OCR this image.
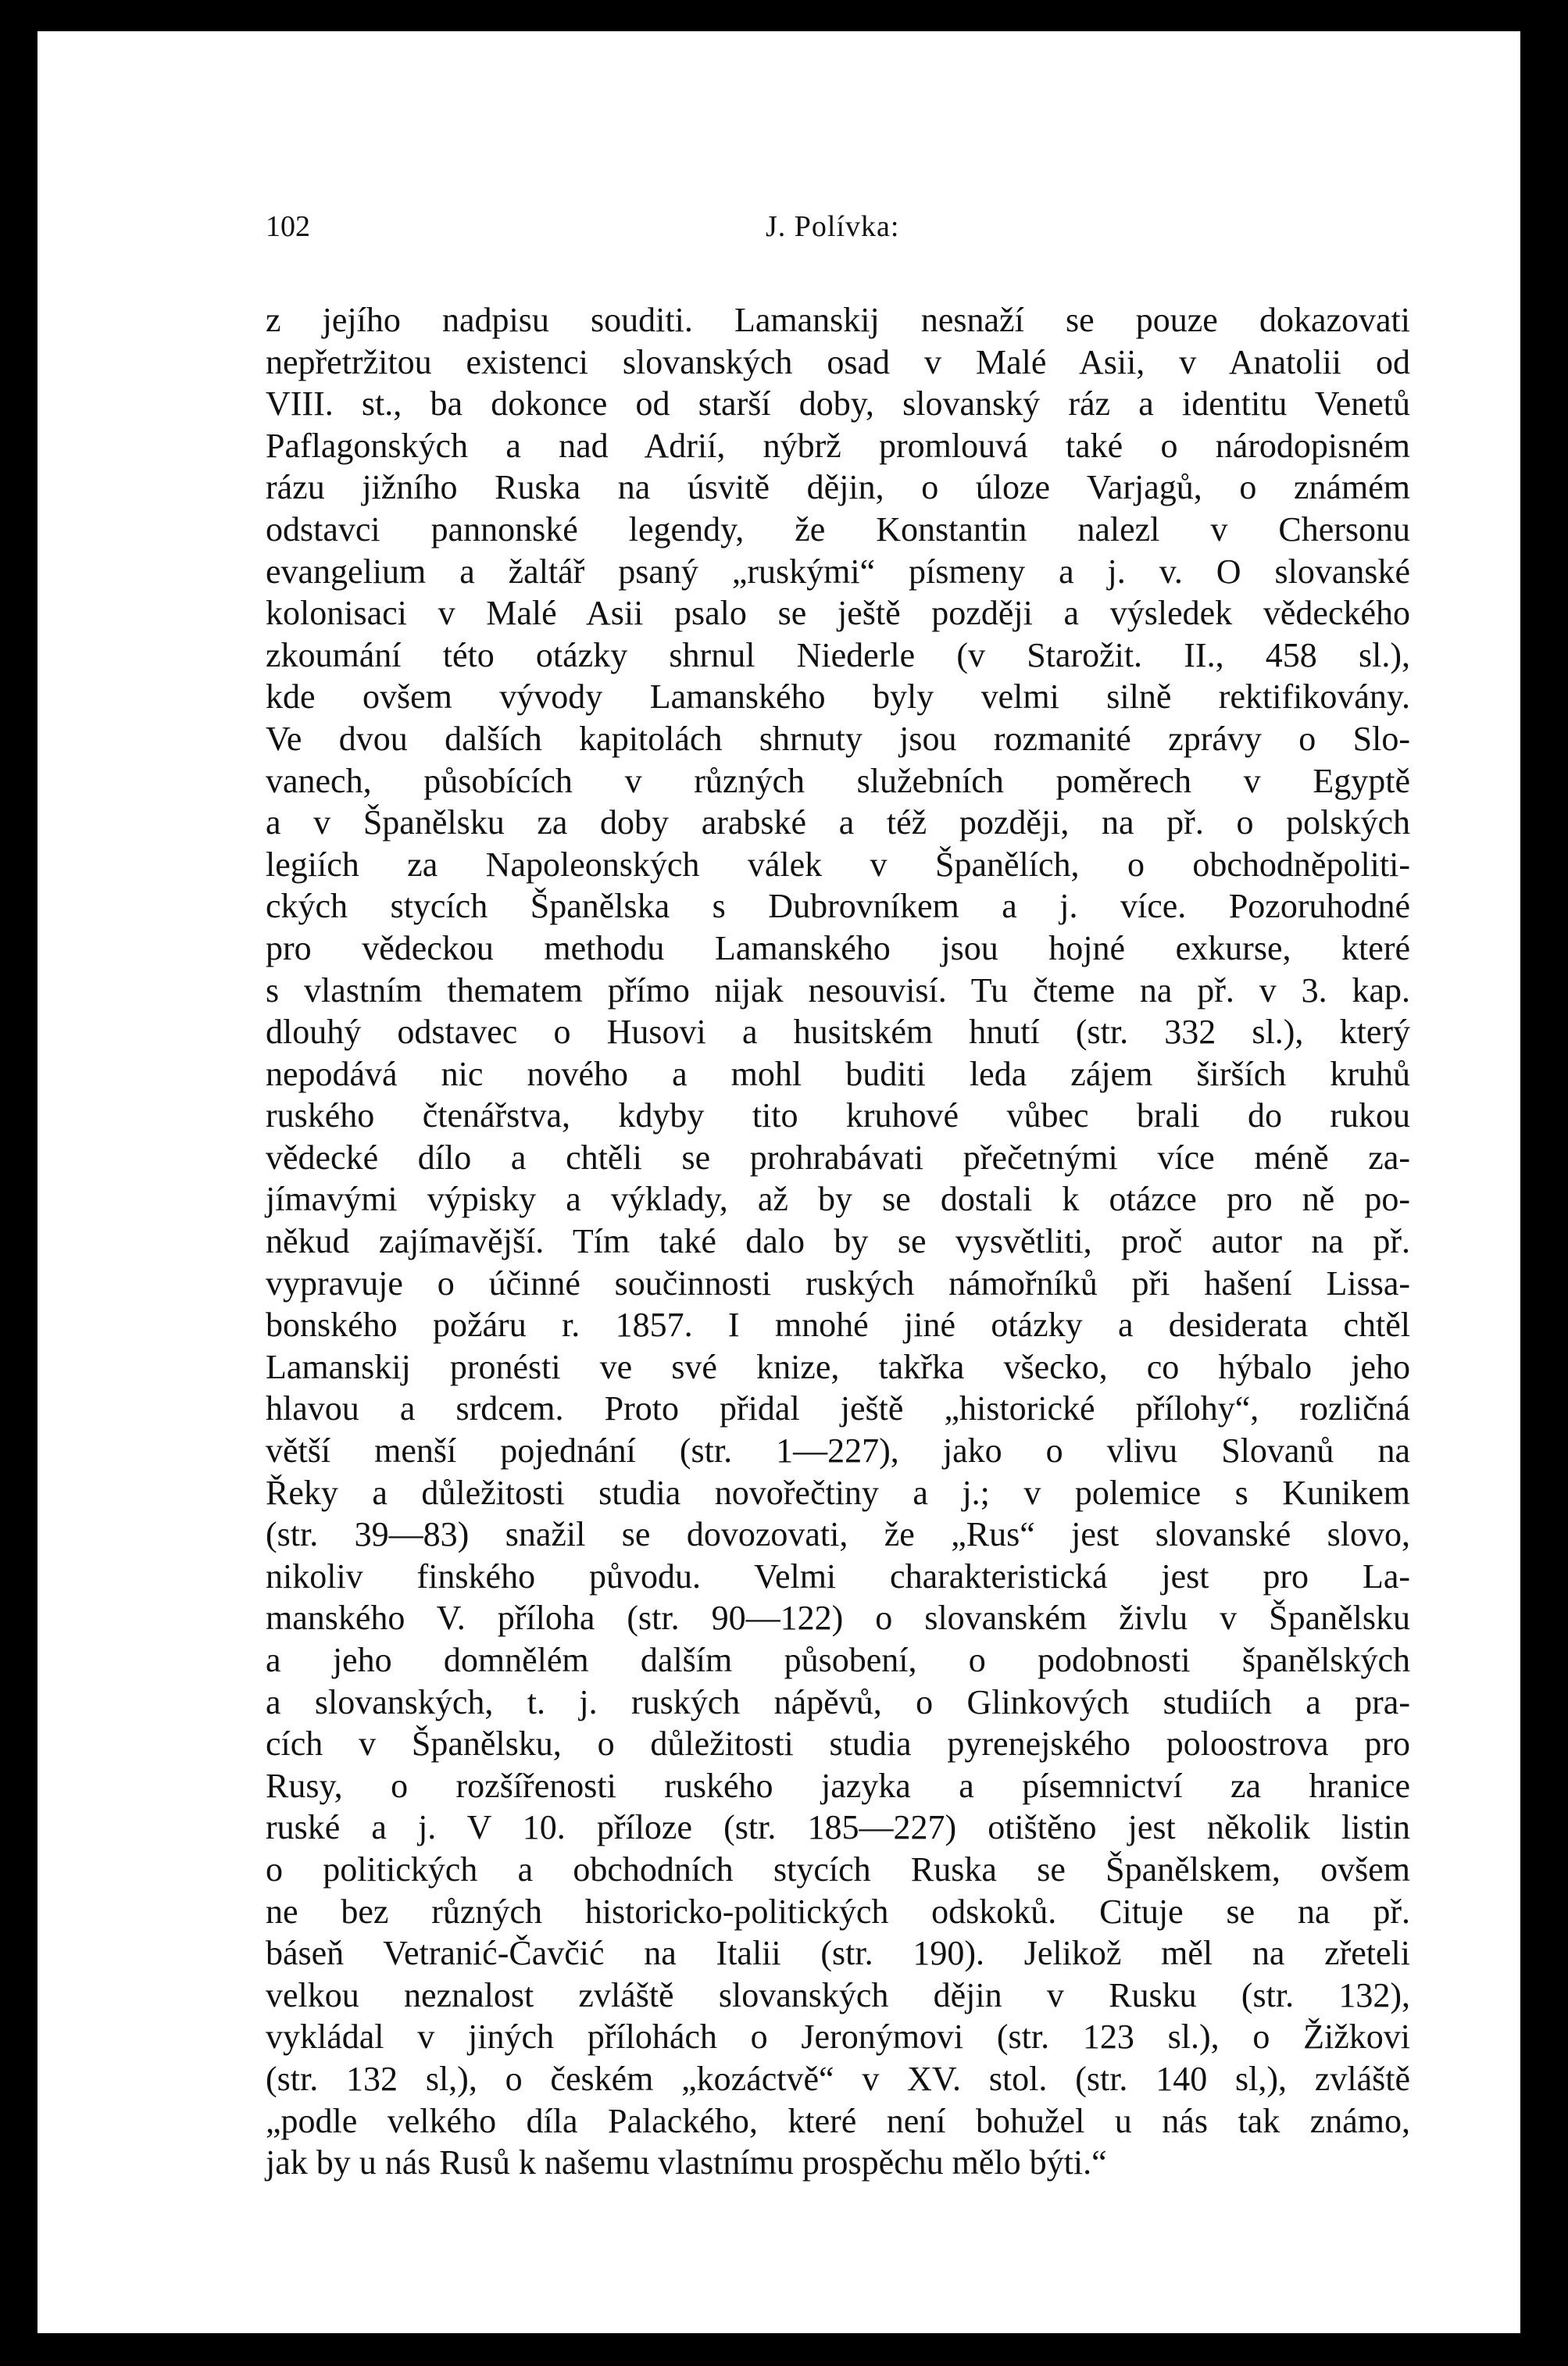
102	J. Polívka:
z jejího nadpisu souditi. Lamanskij nesnaží se pouze dokazovati
nepřetržitou existenci slovanských osad v Malé Asii, v Anatolii od
VIII. st., ba dokonce od starší doby, slovanský ráz a identitu Venetů
Paflagonských a nad Adrií, nýbrž promlouvá také o národopisném
rázu jižního Ruska na úsvitě dějin, o úloze Varjagů, o známém
odstavci pannonské legendy, že Konstantin nalezl v Chersonu
evangelium a žaltář psaný „ruskými“ písmeny a j. v. O slovanské
kolonisaci v Malé Asii psalo se ještě později a výsledek vědeckého
zkoumání této otázky shrnul Niederle (v Starožit. II., 458 sl.),
kde ovšem vývody Lamanského byly velmi silně rektifikovány.
Ve dvou dalších kapitolách shrnuty jsou rozmanité zprávy o Slo-
vanech, působících v různých služebních poměrech v Egyptě
a v Španělsku za doby arabské a též později, na př. o polských
legiích za Napoleonských válek v Španělích, o obchodněpoliti-
ckých stycích Španělska s Dubrovníkem a j. více. Pozoruhodné
pro vědeckou methodu Lamanského jsou hojné exkurse, které
s vlastním thematem přímo nijak nesouvisí. Tu čteme na př. v 3. kap.
dlouhý odstavec o Husovi a husitském hnutí (str. 332 sl.), který
nepodává nic nového a mohl buditi leda zájem širších kruhů
ruského čtenářstva, kdyby tito kruhové vůbec brali do rukou
vědecké dílo a chtěli se prohrabávati přečetnými více méně za-
jímavými výpisky a výklady, až by se dostali k otázce pro ně po-
někud zajímavější. Tím také dalo by se vysvětliti, proč autor na př.
vypravuje o účinné součinnosti ruských námořníků při hašení Lissa-
bonského požáru r. 1857. I mnohé jiné otázky a desiderata chtěl
Lamanskij pronésti ve své knize, takřka všecko, co hýbalo jeho
hlavou a srdcem. Proto přidal ještě „historické přílohy“, rozličná
větší menší pojednání (str. 1—227), jako o vlivu Slovanů na
Řeky a důležitosti studia novořečtiny a j.; v polemice s Kunikem
(str. 39—83) snažil se dovozovati, že „Rus“ jest slovanské slovo,
nikoliv finského původu. Velmi charakteristická jest pro La-
manského V. příloha (str. 90—122) o slovanském živlu v Španělsku
a jeho domnělém dalším působení, o podobnosti španělských
a slovanských, t. j. ruských nápěvů, o Glinkových studiích a pra-
cích v Španělsku, o důležitosti studia pyrenejského poloostrova pro
Rusy, o rozšířenosti ruského jazyka a písemnictví za hranice
ruské a j. V 10. příloze (str. 185—227) otištěno jest několik listin
o politických a obchodních stycích Ruska se Španělskem, ovšem
ne bez různých historicko-politických odskoků. Cituje se na př.
báseň Vetranić-Čavčić na Italii (str. 190). Jelikož měl na zřeteli
velkou neznalost zvláště slovanských dějin v Rusku (str. 132),
vykládal v jiných přílohách o Jeronýmovi (str. 123 sl.), o Žižkovi
(str. 132 sl,), o českém „kozáctvě“ v XV. stol. (str. 140 sl,), zvláště
„podle velkého díla Palackého, které není bohužel u nás tak známo,
jak by u nás Rusů k našemu vlastnímu prospěchu mělo býti.“
